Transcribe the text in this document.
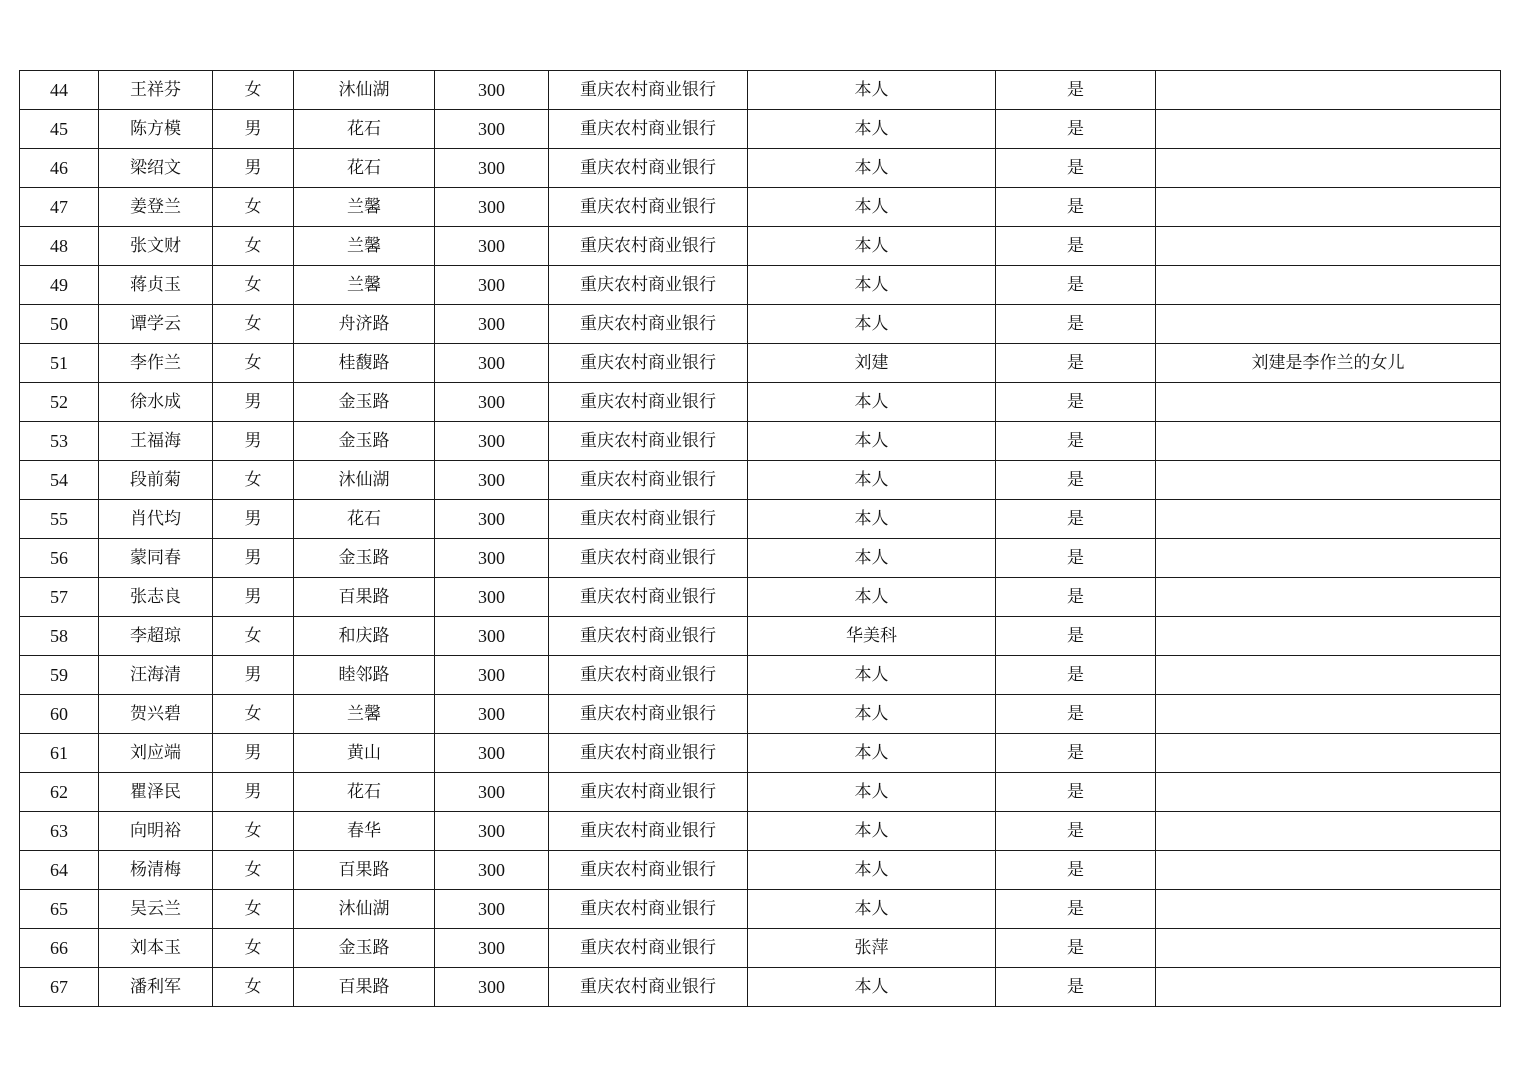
44	王祥芬	女	沐仙湖	300	重庆农村商业银行	本人	是	
45	陈方模	男	花石	300	重庆农村商业银行	本人	是	
46	梁绍文	男	花石	300	重庆农村商业银行	本人	是	
47	姜登兰	女	兰馨	300	重庆农村商业银行	本人	是	
48	张文财	女	兰馨	300	重庆农村商业银行	本人	是	
49	蒋贞玉	女	兰馨	300	重庆农村商业银行	本人	是	
50	谭学云	女	舟济路	300	重庆农村商业银行	本人	是	
51	李作兰	女	桂馥路	300	重庆农村商业银行	刘建	是	刘建是李作兰的女儿
52	徐水成	男	金玉路	300	重庆农村商业银行	本人	是	
53	王福海	男	金玉路	300	重庆农村商业银行	本人	是	
54	段前菊	女	沐仙湖	300	重庆农村商业银行	本人	是	
55	肖代均	男	花石	300	重庆农村商业银行	本人	是	
56	蒙同春	男	金玉路	300	重庆农村商业银行	本人	是	
57	张志良	男	百果路	300	重庆农村商业银行	本人	是	
58	李超琼	女	和庆路	300	重庆农村商业银行	华美科	是	
59	汪海清	男	睦邻路	300	重庆农村商业银行	本人	是	
60	贺兴碧	女	兰馨	300	重庆农村商业银行	本人	是	
61	刘应端	男	黄山	300	重庆农村商业银行	本人	是	
62	瞿泽民	男	花石	300	重庆农村商业银行	本人	是	
63	向明裕	女	春华	300	重庆农村商业银行	本人	是	
64	杨清梅	女	百果路	300	重庆农村商业银行	本人	是	
65	吴云兰	女	沐仙湖	300	重庆农村商业银行	本人	是	
66	刘本玉	女	金玉路	300	重庆农村商业银行	张萍	是	
67	潘利军	女	百果路	300	重庆农村商业银行	本人	是	
